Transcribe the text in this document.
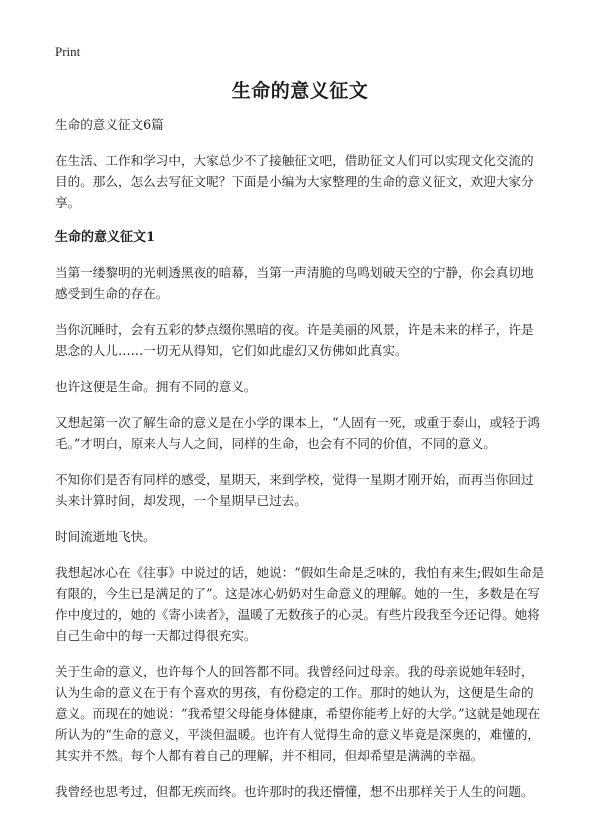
Print
生命的意义征文

生命的意义征文6篇

在生活、工作和学习中，大家总少不了接触征文吧，借助征文人们可以实现文化交流的目的。那么，怎么去写征文呢？下面是小编为大家整理的生命的意义征文，欢迎大家分享。

生命的意义征文1

当第一缕黎明的光刺透黑夜的暗幕，当第一声清脆的鸟鸣划破天空的宁静，你会真切地感受到生命的存在。

当你沉睡时，会有五彩的梦点缀你黑暗的夜。许是美丽的风景，许是未来的样子，许是思念的人儿……一切无从得知，它们如此虚幻又仿佛如此真实。

也许这便是生命。拥有不同的意义。

又想起第一次了解生命的意义是在小学的课本上，“人固有一死，或重于泰山，或轻于鸿毛。”才明白，原来人与人之间，同样的生命，也会有不同的价值，不同的意义。

不知你们是否有同样的感受，星期天，来到学校，觉得一星期才刚开始，而再当你回过头来计算时间，却发现，一个星期早已过去。

时间流逝地飞快。

我想起冰心在《往事》中说过的话，她说：“假如生命是乏味的，我怕有来生;假如生命是有限的，今生已是满足的了”。这是冰心奶奶对生命意义的理解。她的一生，多数是在写作中度过的，她的《寄小读者》，温暖了无数孩子的心灵。有些片段我至今还记得。她将自己生命中的每一天都过得很充实。

关于生命的意义，也许每个人的回答都不同。我曾经问过母亲。我的母亲说她年轻时，认为生命的意义在于有个喜欢的男孩，有份稳定的工作。那时的她认为，这便是生命的意义。而现在的她说：“我希望父母能身体健康，希望你能考上好的大学。”这就是她现在所认为的“生命的意义，平淡但温暖。也许有人觉得生命的意义毕竟是深奥的，难懂的，其实并不然。每个人都有着自己的理解，并不相同，但却希望是满满的幸福。

我曾经也思考过，但都无疾而终。也许那时的我还懵懂，想不出那样关于人生的问题。
